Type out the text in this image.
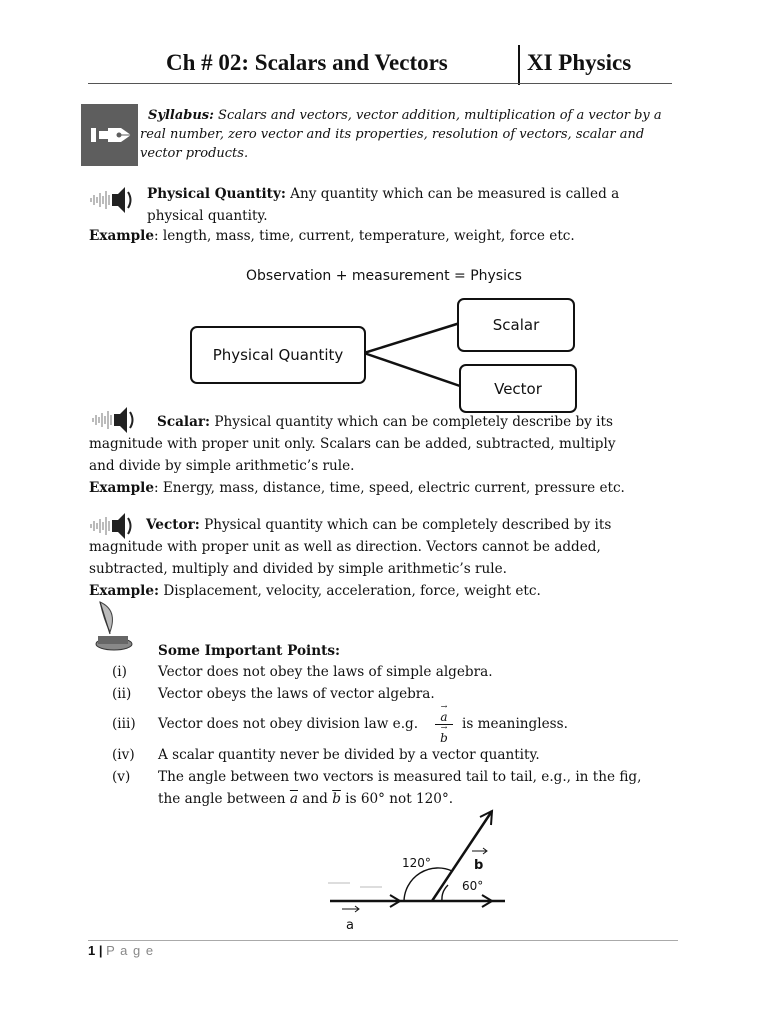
Ch # 02: Scalars and Vectors	XI Physics
Syllabus: Scalars and vectors, vector addition, multiplication of a vector by a
real number, zero vector and its properties, resolution of vectors, scalar and
vector products.
Physical Quantity: Any quantity which can be measured is called a
physical quantity.
Example: length, mass, time, current, temperature, weight, force etc.
Observation + measurement = Physics
Physical Quantity
Scalar
Vector
Scalar: Physical quantity which can be completely describe by its
magnitude with proper unit only. Scalars can be added, subtracted, multiply
and divide by simple arithmetic’s rule.
Example: Energy, mass, distance, time, speed, electric current, pressure etc.
Vector: Physical quantity which can be completely described by its
magnitude with proper unit as well as direction. Vectors cannot be added,
subtracted, multiply and divided by simple arithmetic’s rule.
Example: Displacement, velocity, acceleration, force, weight etc.
Some Important Points:
(i) Vector does not obey the laws of simple algebra.
(ii) Vector obeys the laws of vector algebra.
(iii) Vector does not obey division law e.g.
→
a
→
b
is meaningless.
(iv) A scalar quantity never be divided by a vector quantity.
(v) The angle between two vectors is measured tail to tail, e.g., in the fig,
the angle between $\overline{a}$ and $\overline{b}$ is 60° not 120°.
120°
60°
a
b
1 | P a g e
